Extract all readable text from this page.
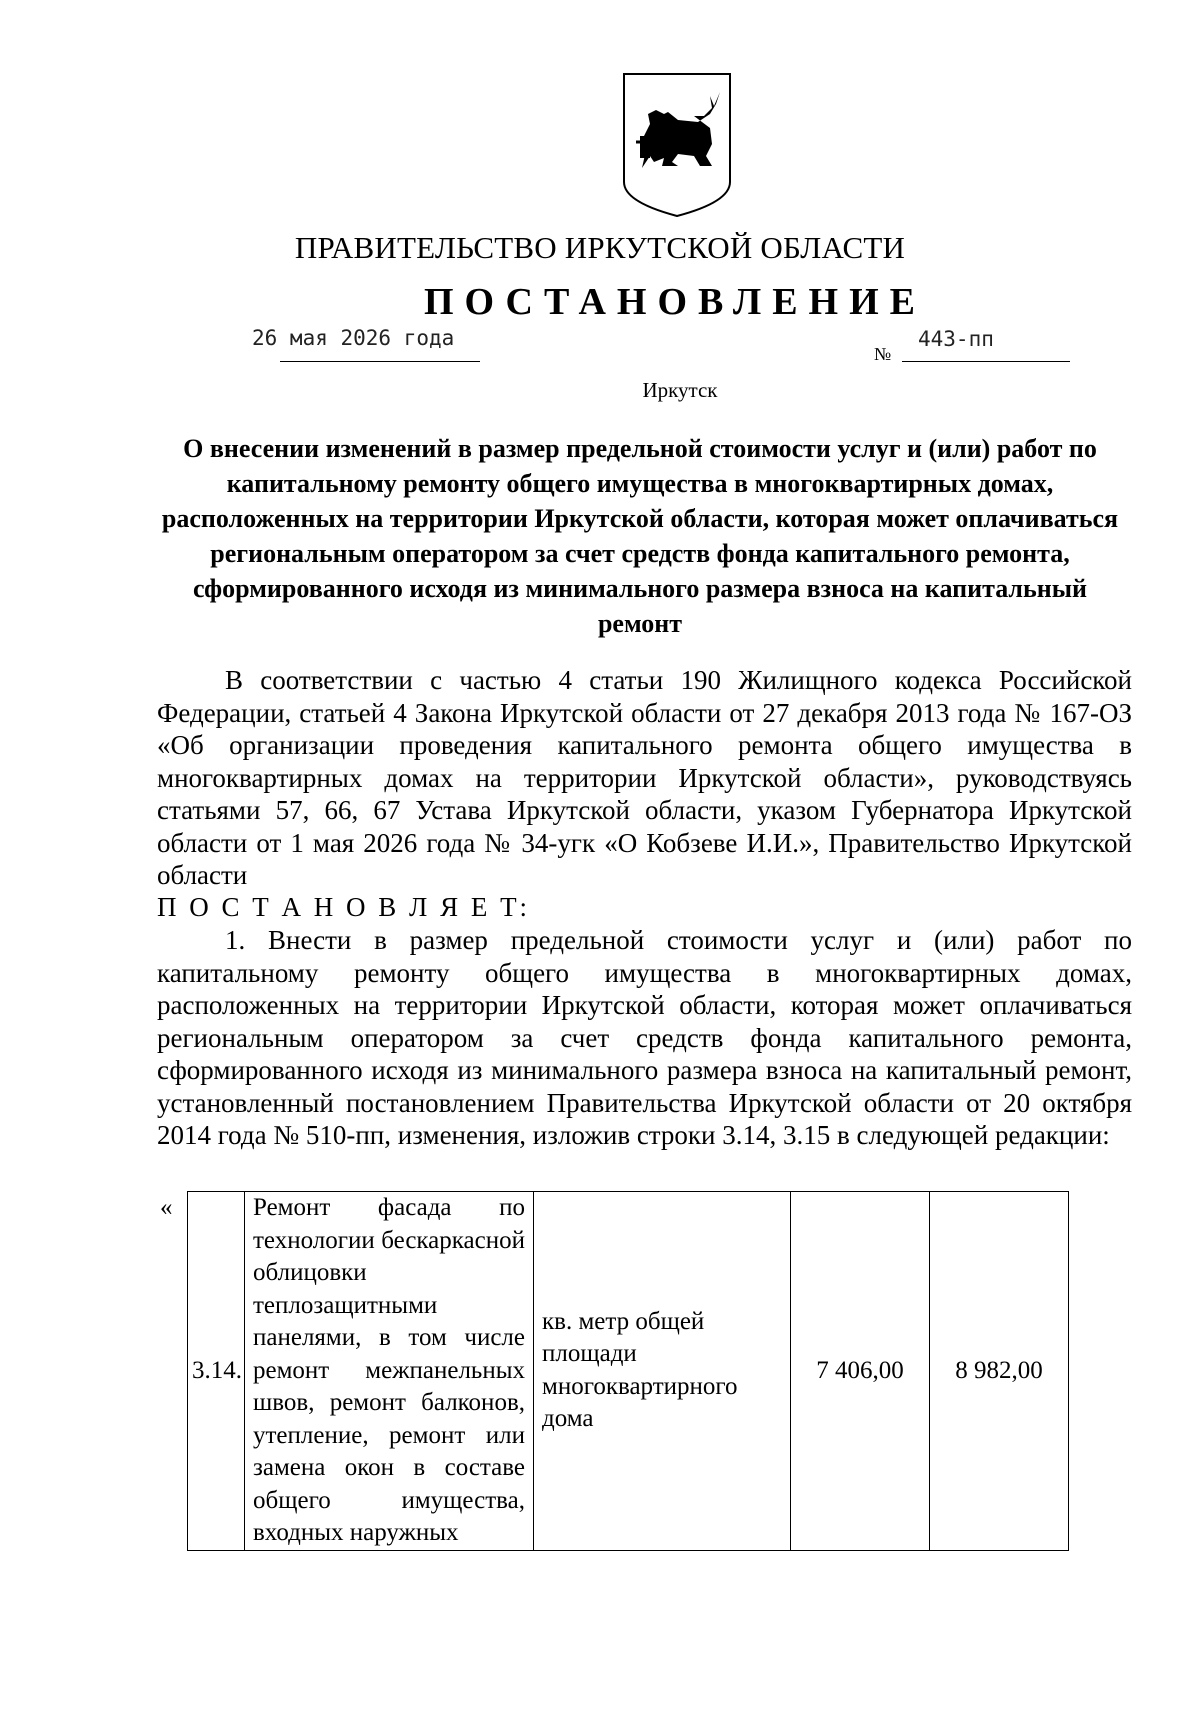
ПРАВИТЕЛЬСТВО ИРКУТСКОЙ ОБЛАСТИ
ПОСТАНОВЛЕНИЕ
26 мая 2026 года
№
443-пп
Иркутск
О внесении изменений в размер предельной стоимости услуг и (или) работ по капитальному ремонту общего имущества в многоквартирных домах, расположенных на территории Иркутской области, которая может оплачиваться региональным оператором за счет средств фонда капитального ремонта, сформированного исходя из минимального размера взноса на капитальный ремонт
В соответствии с частью 4 статьи 190 Жилищного кодекса Российской Федерации, статьей 4 Закона Иркутской области от 27 декабря 2013 года № 167-ОЗ «Об организации проведения капитального ремонта общего имущества в многоквартирных домах на территории Иркутской области», руководствуясь статьями 57, 66, 67 Устава Иркутской области, указом Губернатора Иркутской области от 1 мая 2026 года № 34-угк «О Кобзеве И.И.», Правительство Иркутской области
П О С Т А Н О В Л Я Е Т:
1. Внести в размер предельной стоимости услуг и (или) работ по капитальному ремонту общего имущества в многоквартирных домах, расположенных на территории Иркутской области, которая может оплачиваться региональным оператором за счет средств фонда капитального ремонта, сформированного исходя из минимального размера взноса на капитальный ремонт, установленный постановлением Правительства Иркутской области от 20 октября 2014 года № 510-пп, изменения, изложив строки 3.14, 3.15 в следующей редакции:
«
3.14.	Ремонт фасада по технологии бескаркасной облицовки теплозащитными панелями, в том числе ремонт межпанельных швов, ремонт балконов, утепление, ремонт или замена окон в составе общего имущества, входных наружных	кв. метр общей площади многоквартирного дома	7 406,00	8 982,00
